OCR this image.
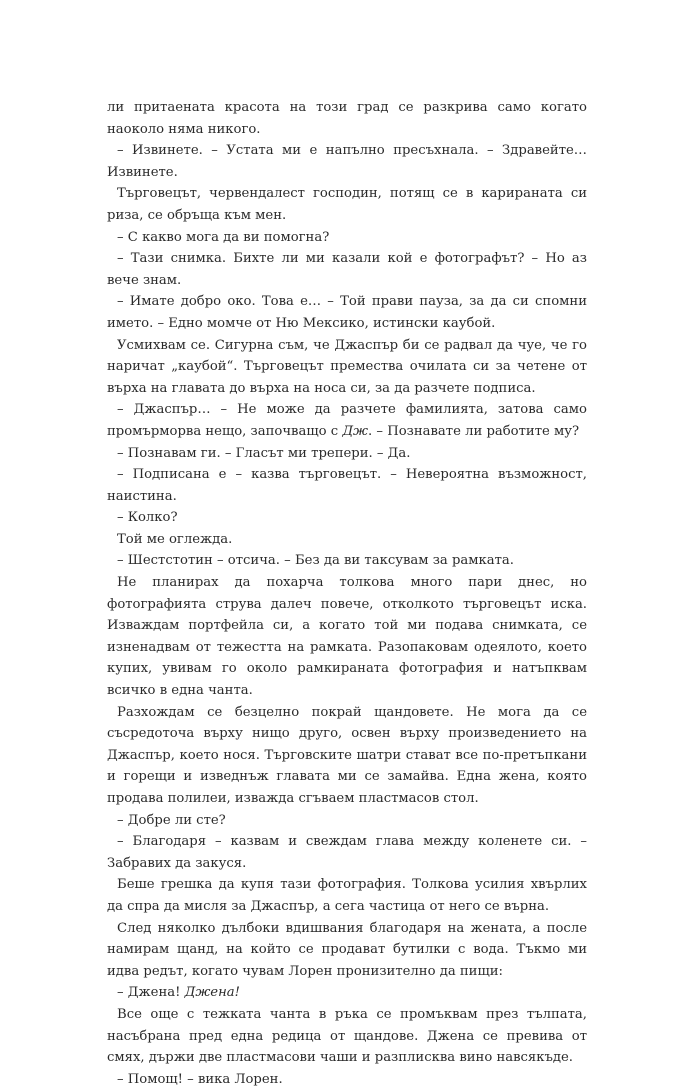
ли притаената красота на този град се разкрива само когато наоколо няма никого.

– Извинете. – Устата ми е напълно пресъхнала. – Здравейте… Извинете.

Търговецът, червендалест господин, потящ се в карираната си риза, се обръща към мен.

– С какво мога да ви помогна?

– Тази снимка. Бихте ли ми казали кой е фотографът? – Но аз вече знам.

– Имате добро око. Това е… – Той прави пауза, за да си спомни името. – Едно момче от Ню Мексико, истински каубой.

Усмихвам се. Сигурна съм, че Джаспър би се радвал да чуе, че го наричат „каубой“. Търговецът премества очилата си за четене от върха на главата до върха на носа си, за да разчете подписа.

– Джаспър… – Не може да разчете фамилията, затова само промърморва нещо, започващо с Дж. – Познавате ли работите му?

– Познавам ги. – Гласът ми трепери. – Да.

– Подписана е – казва търговецът. – Невероятна възможност, наистина.

– Колко?

Той ме оглежда.

– Шестстотин – отсича. – Без да ви таксувам за рамката.

Не планирах да похарча толкова много пари днес, но фотографията струва далеч повече, отколкото търговецът иска. Изваждам портфейла си, а когато той ми подава снимката, се изненадвам от тежестта на рамката. Разопаковам одеялото, което купих, увивам го около рамкираната фотография и натъпквам всичко в една чанта.

Разхождам се безцелно покрай щандовете. Не мога да се съсредоточа върху нищо друго, освен върху произведението на Джаспър, което нося. Търговските шатри стават все по-претъпкани и горещи и изведнъж главата ми се замайва. Една жена, която продава полилеи, изважда сгъваем пластмасов стол.

– Добре ли сте?

– Благодаря – казвам и свеждам глава между коленете си. – Забравих да закуся.

Беше грешка да купя тази фотография. Толкова усилия хвърлих да спра да мисля за Джаспър, а сега частица от него се върна.

След няколко дълбоки вдишвания благодаря на жената, а после намирам щанд, на който се продават бутилки с вода. Тъкмо ми идва редът, когато чувам Лорен пронизително да пищи:

– Джена! Джена!

Все още с тежката чанта в ръка се промъквам през тълпата, насъбрана пред една редица от щандове. Джена се превива от смях, държи две пластмасови чаши и разплисква вино навсякъде.

– Помощ! – вика Лорен.
